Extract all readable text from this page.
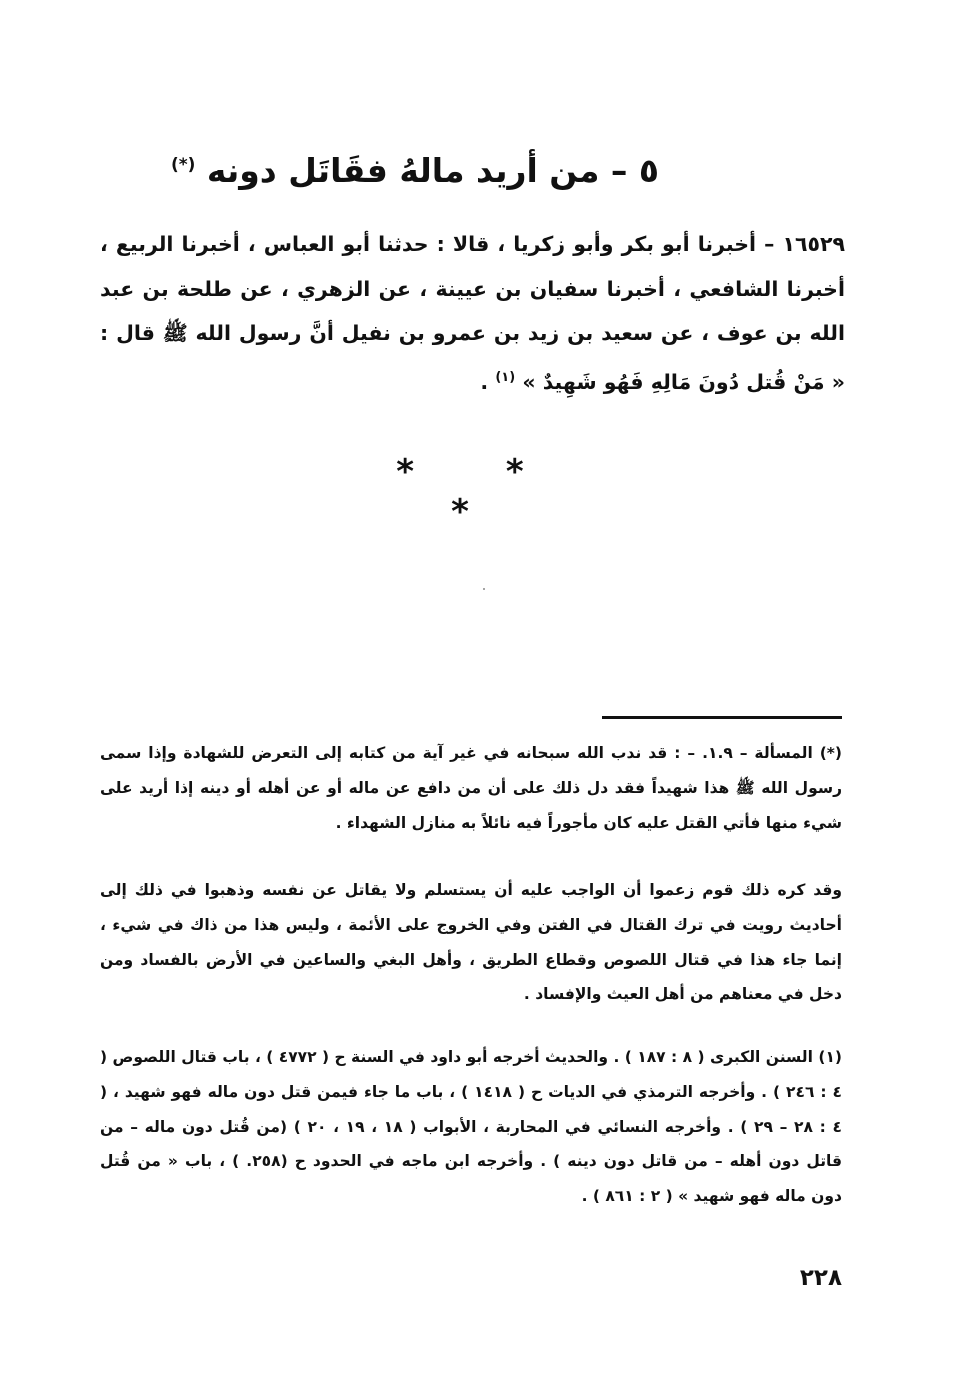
٥ – من أريد مالهُ فقَاتَل دونه (*)
١٦٥٢٩ – أخبرنا أبو بكر وأبو زكريا ، قالا : حدثنا أبو العباس ، أخبرنا الربيع ، أخبرنا الشافعي ، أخبرنا سفيان بن عيينة ، عن الزهري ، عن طلحة بن عبد الله بن عوف ، عن سعيد بن زيد بن عمرو بن نفيل أنَّ رسول الله ﷺ قال : « مَنْ قُتل دُونَ مَالِهِ فَهُو شَهِيدٌ » $^{(١)}$ .
* * *

(*) المسألة – ١.٩. – : قد ندب الله سبحانه في غير آية من كتابه إلى التعرض للشهادة وإذا سمى رسول الله ﷺ هذا شهيداً فقد دل ذلك على أن من دافع عن ماله أو عن أهله أو دينه إذا أريد على شيء منها فأتي القتل عليه كان مأجوراً فيه نائلاً به منازل الشهداء .

وقد كره ذلك قوم زعموا أن الواجب عليه أن يستسلم ولا يقاتل عن نفسه وذهبوا في ذلك إلى أحاديث رويت في ترك القتال في الفتن وفي الخروج على الأئمة ، وليس هذا من ذاك في شيء ، إنما جاء هذا في قتال اللصوص وقطاع الطريق ، وأهل البغي والساعين في الأرض بالفساد ومن دخل في معناهم من أهل العيث والإفساد .

(١) السنن الكبرى ( ٨ : ١٨٧ ) . والحديث أخرجه أبو داود في السنة ح ( ٤٧٧٢ ) ، باب قتال اللصوص ( ٤ : ٢٤٦ ) . وأخرجه الترمذي في الديات ح ( ١٤١٨ ) ، باب ما جاء فيمن قتل دون ماله فهو شهيد ، ( ٤ : ٢٨ – ٢٩ ) . وأخرجه النسائي في المحاربة ، الأبواب ( ١٨ ، ١٩ ، ٢٠ ) (من قُتل دون ماله – من قاتل دون أهله – من قاتل دون دينه ) . وأخرجه ابن ماجه في الحدود ح (٢٥٨. ) ، باب « من قُتل دون ماله فهو شهيد » ( ٢ : ٨٦١ ) .

٢٢٨
